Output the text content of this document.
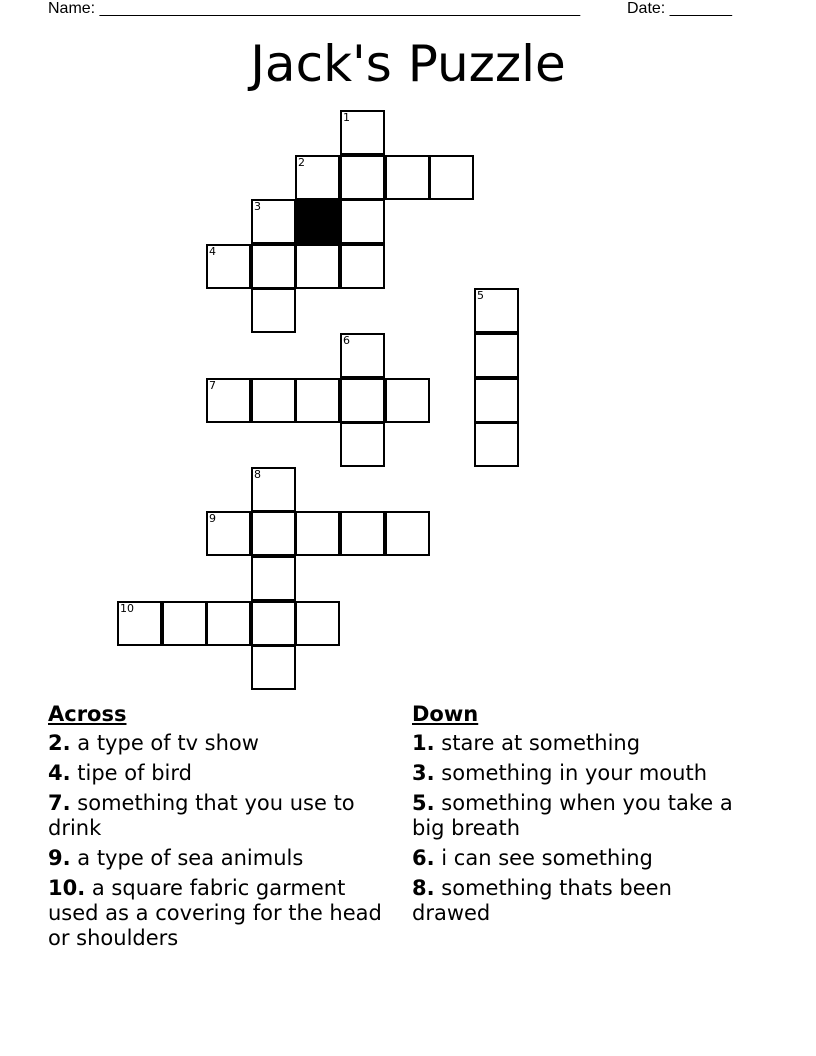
Name: ______________________________________________________	Date: _______
Jack's Puzzle
1
2
3
4
5
6
7
8
9
10
Across
2. a type of tv show
4. tipe of bird
7. something that you use to drink
9. a type of sea animuls
10. a square fabric garment used as a covering for the head or shoulders
Down
1. stare at something
3. something in your mouth
5. something when you take a big breath
6. i can see something
8. something thats been drawed
